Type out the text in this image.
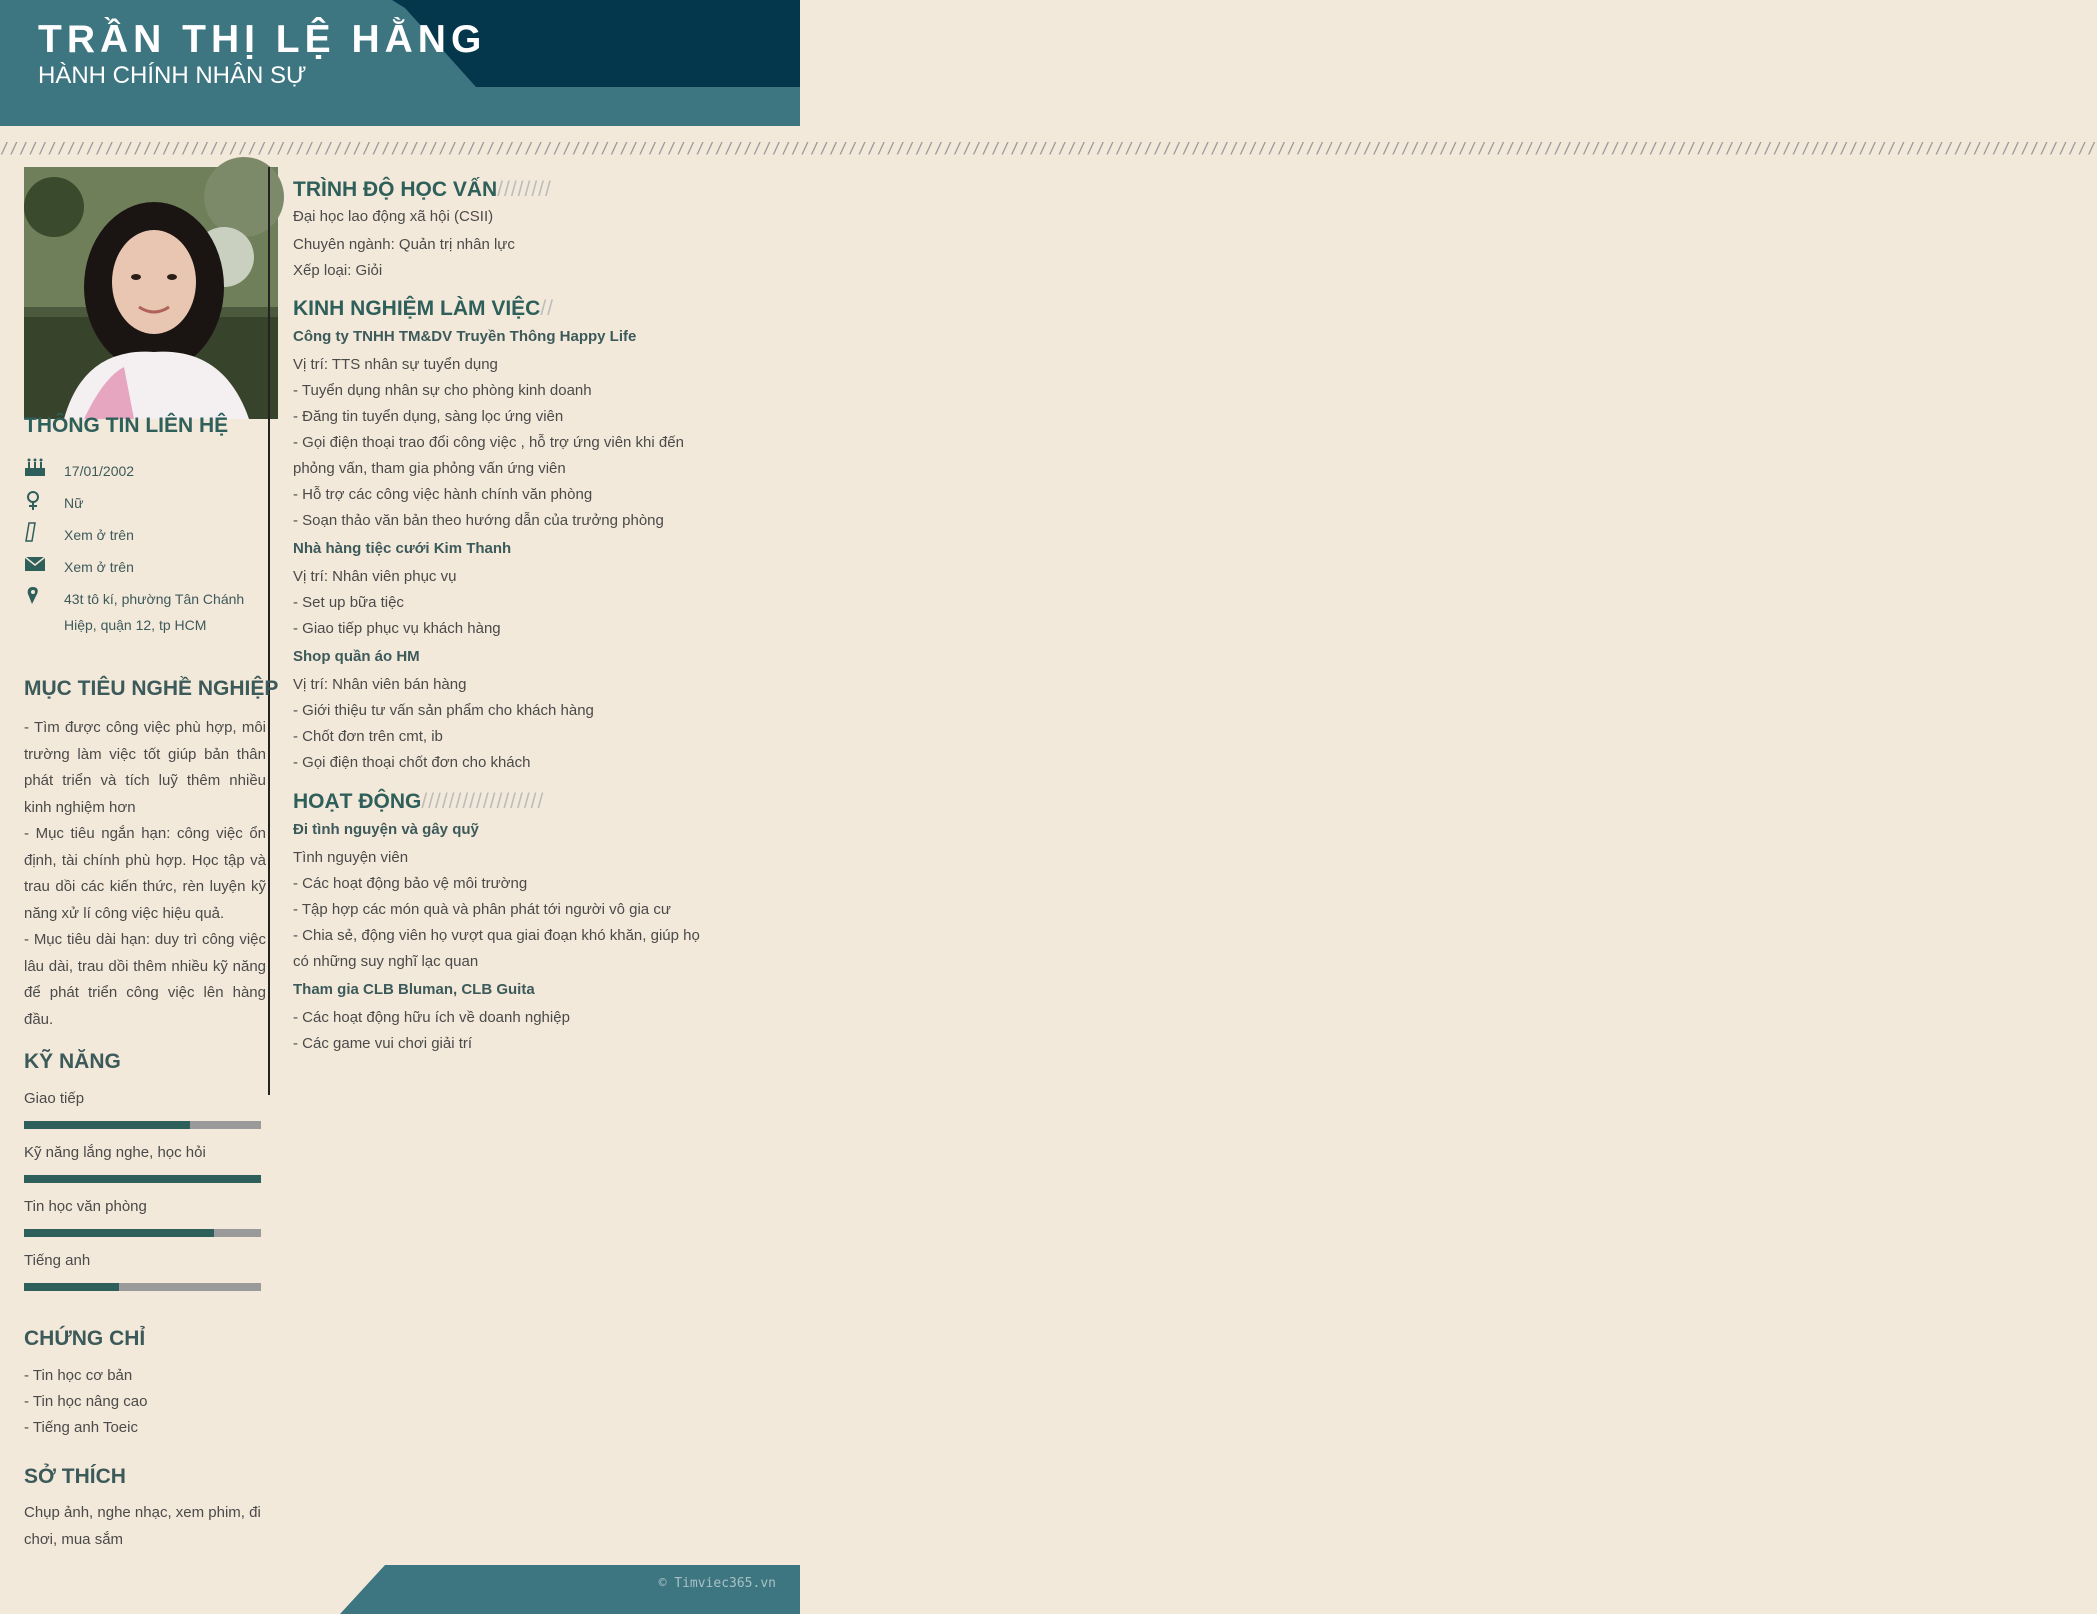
TRẦN THỊ LỆ HẰNG
HÀNH CHÍNH NHÂN SỰ
////////////////////////////////////////////////////////////////////////////////////////////////////////////////////////////////////////////////////////////////////////////////////////////////////////////////////////////
THÔNG TIN LIÊN HỆ
17/01/2002
Nữ
Xem ở trên
Xem ở trên
43t tô kí, phường Tân Chánh Hiệp, quận 12, tp HCM
MỤC TIÊU NGHỀ NGHIỆP
- Tìm được công việc phù hợp, môi trường làm việc tốt giúp bản thân phát triển và tích luỹ thêm nhiều kinh nghiệm hơn
- Mục tiêu ngắn hạn: công việc ổn định, tài chính phù hợp. Học tập và trau dồi các kiến thức, rèn luyện kỹ năng xử lí công việc hiệu quả.
- Mục tiêu dài hạn: duy trì công việc lâu dài, trau dồi thêm nhiều kỹ năng để phát triển công việc lên hàng đầu.
KỸ NĂNG
Giao tiếp
Kỹ năng lắng nghe, học hỏi
Tin học văn phòng
Tiếng anh
CHỨNG CHỈ
- Tin học cơ bản
- Tin học nâng cao
- Tiếng anh Toeic
SỞ THÍCH
Chụp ảnh, nghe nhạc, xem phim, đi chơi, mua sắm
TRÌNH ĐỘ HỌC VẤN////////
Đại học lao động xã hội (CSII)
Chuyên ngành: Quản trị nhân lực
Xếp loại: Giỏi
KINH NGHIỆM LÀM VIỆC//
Công ty TNHH TM&DV Truyền Thông Happy Life
Vị trí: TTS nhân sự tuyển dụng
- Tuyển dụng nhân sự cho phòng kinh doanh
- Đăng tin tuyển dụng, sàng lọc ứng viên
- Gọi điện thoại trao đổi công việc , hỗ trợ ứng viên khi đến
phỏng vấn, tham gia phỏng vấn ứng viên
- Hỗ trợ các công việc hành chính văn phòng
- Soạn thảo văn bản theo hướng dẫn của trưởng phòng
Nhà hàng tiệc cưới Kim Thanh
Vị trí: Nhân viên phục vụ
- Set up bữa tiệc
- Giao tiếp phục vụ khách hàng
Shop quần áo HM
Vị trí: Nhân viên bán hàng
- Giới thiệu tư vấn sản phẩm cho khách hàng
- Chốt đơn trên cmt, ib
- Gọi điện thoại chốt đơn cho khách
HOẠT ĐỘNG//////////////////
Đi tình nguyện và gây quỹ
Tình nguyện viên
- Các hoạt động bảo vệ môi trường
- Tập hợp các món quà và phân phát tới người vô gia cư
- Chia sẻ, động viên họ vượt qua giai đoạn khó khăn, giúp họ
có những suy nghĩ lạc quan
Tham gia CLB Bluman, CLB Guita
- Các hoạt động hữu ích về doanh nghiệp
- Các game vui chơi giải trí
© Timviec365.vn
